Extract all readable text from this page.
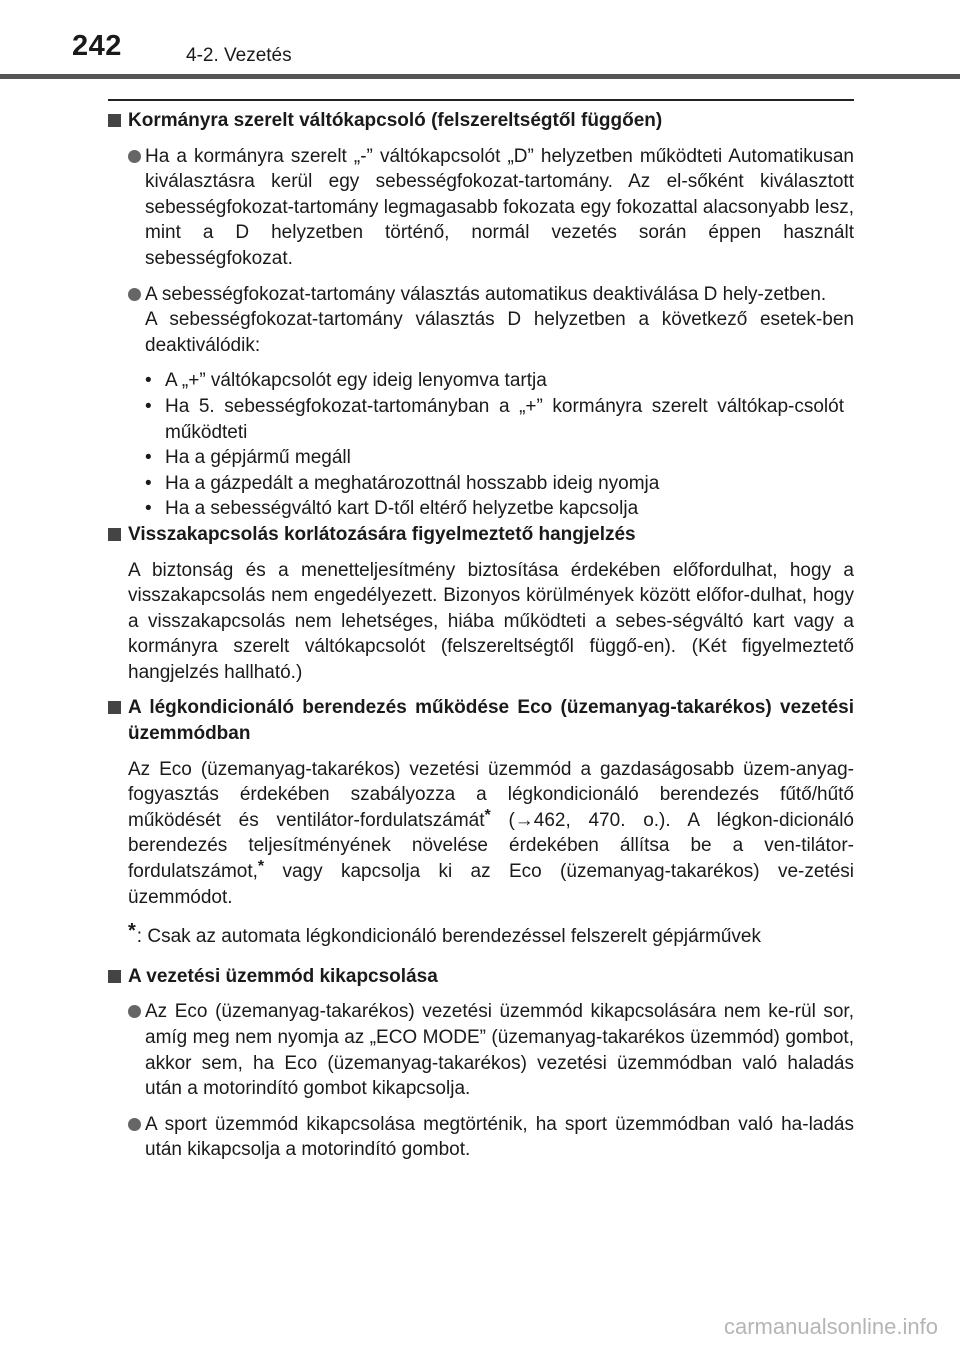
242	4-2. Vezetés
Kormányra szerelt váltókapcsoló (felszereltségtől függően)
Ha a kormányra szerelt „-” váltókapcsolót „D” helyzetben működteti Automatikusan kiválasztásra kerül egy sebességfokozat-tartomány. Az el-sőként kiválasztott sebességfokozat-tartomány legmagasabb fokozata egy fokozattal alacsonyabb lesz, mint a D helyzetben történő, normál vezetés során éppen használt sebességfokozat.
A sebességfokozat-tartomány választás automatikus deaktiválása D hely-zetben.
A sebességfokozat-tartomány választás D helyzetben a következő esetek-ben deaktiválódik:
• A „+” váltókapcsolót egy ideig lenyomva tartja
• Ha 5. sebességfokozat-tartományban a „+” kormányra szerelt váltókap-csolót működteti
• Ha a gépjármű megáll
• Ha a gázpedált a meghatározottnál hosszabb ideig nyomja
• Ha a sebességváltó kart D-től eltérő helyzetbe kapcsolja
Visszakapcsolás korlátozására figyelmeztető hangjelzés
A biztonság és a menetteljesítmény biztosítása érdekében előfordulhat, hogy a visszakapcsolás nem engedélyezett. Bizonyos körülmények között előfor-dulhat, hogy a visszakapcsolás nem lehetséges, hiába működteti a sebes-ségváltó kart vagy a kormányra szerelt váltókapcsolót (felszereltségtől függő-en). (Két figyelmeztető hangjelzés hallható.)
A légkondicionáló berendezés működése Eco (üzemanyag-takarékos) vezetési üzemmódban
Az Eco (üzemanyag-takarékos) vezetési üzemmód a gazdaságosabb üzem-anyag-fogyasztás érdekében szabályozza a légkondicionáló berendezés fűtő/hűtő működését és ventilátor-fordulatszámát* (→462, 470. o.). A légkon-dicionáló berendezés teljesítményének növelése érdekében állítsa be a ven-tilátor-fordulatszámot,* vagy kapcsolja ki az Eco (üzemanyag-takarékos) ve-zetési üzemmódot.
*: Csak az automata légkondicionáló berendezéssel felszerelt gépjárművek
A vezetési üzemmód kikapcsolása
Az Eco (üzemanyag-takarékos) vezetési üzemmód kikapcsolására nem ke-rül sor, amíg meg nem nyomja az „ECO MODE” (üzemanyag-takarékos üzemmód) gombot, akkor sem, ha Eco (üzemanyag-takarékos) vezetési üzemmódban való haladás után a motorindító gombot kikapcsolja.
A sport üzemmód kikapcsolása megtörténik, ha sport üzemmódban való ha-ladás után kikapcsolja a motorindító gombot.
carmanualsonline.info
